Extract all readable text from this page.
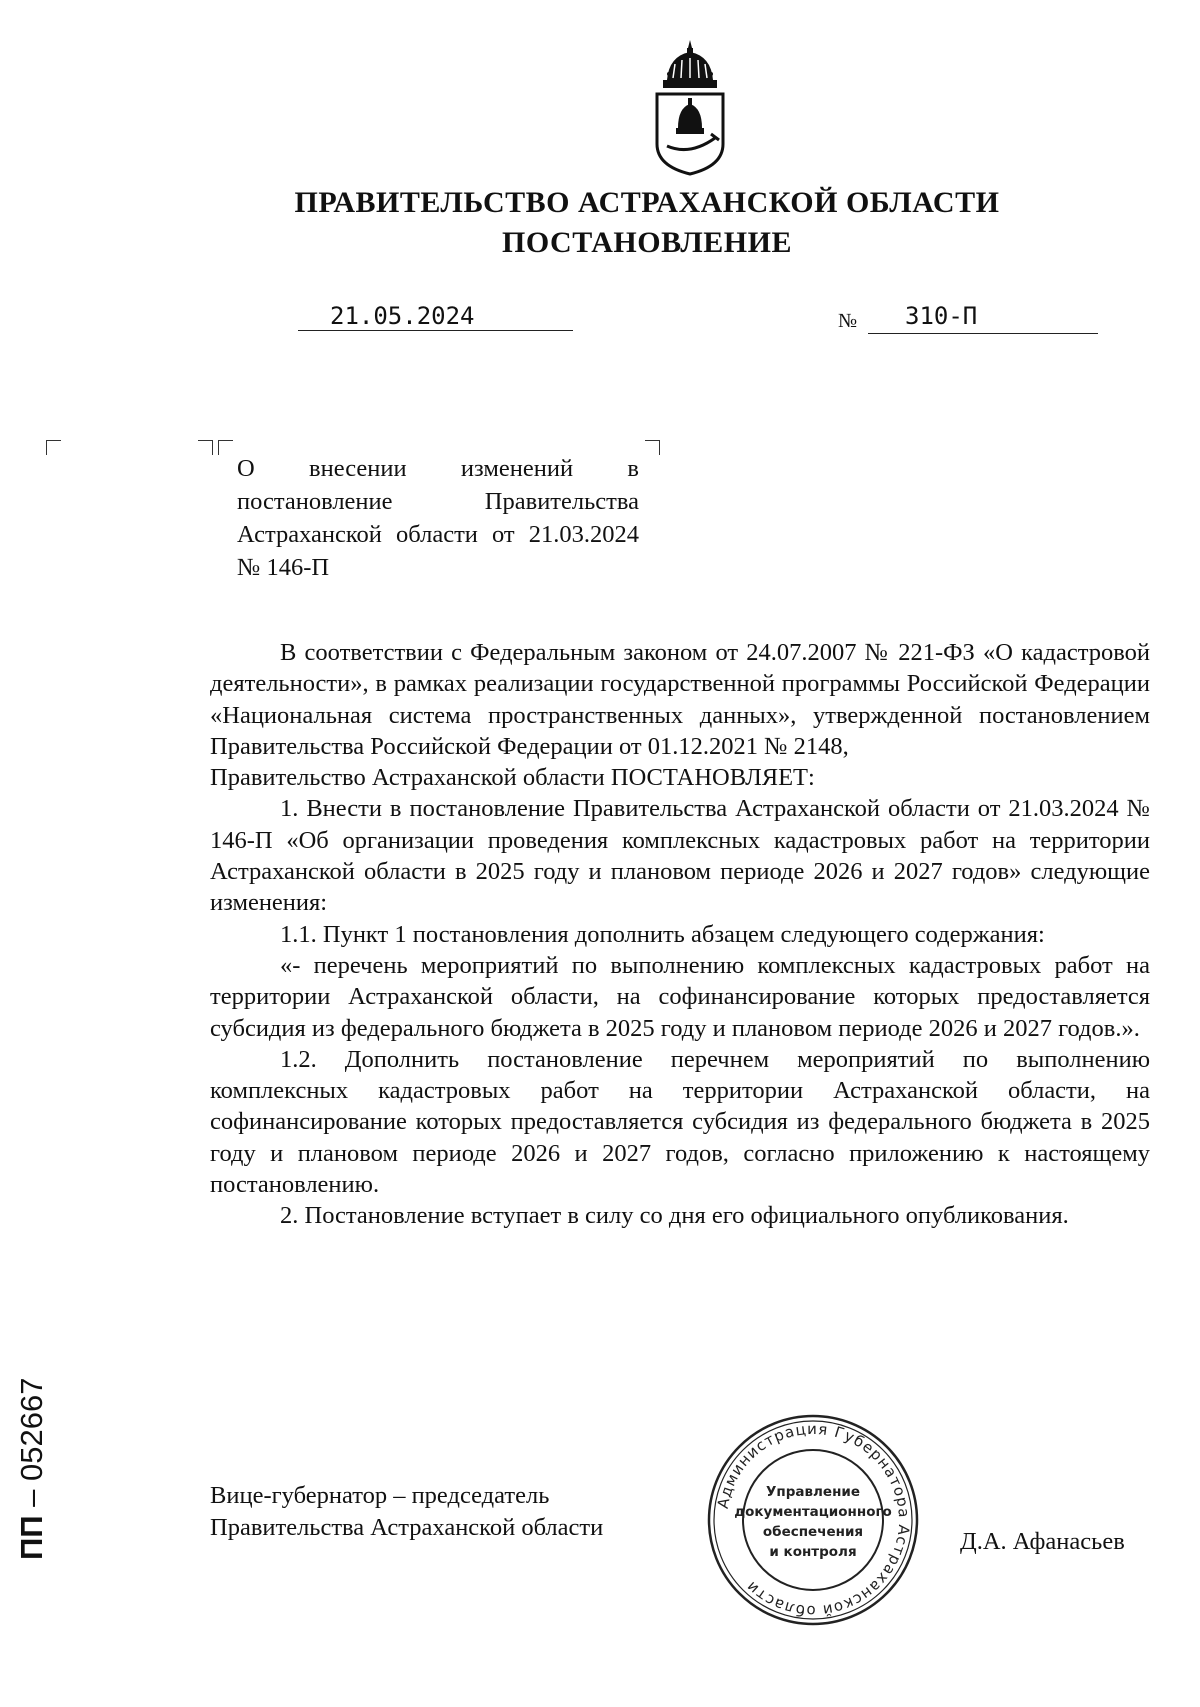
ПРАВИТЕЛЬСТВО АСТРАХАНСКОЙ ОБЛАСТИ
ПОСТАНОВЛЕНИЕ
21.05.2024	№ 310-П
О внесении изменений в постановление Правительства Астраханской области от 21.03.2024 № 146-П

В соответствии с Федеральным законом от 24.07.2007 № 221-ФЗ «О кадастровой деятельности», в рамках реализации государственной программы Российской Федерации «Национальная система пространственных данных», утвержденной постановлением Правительства Российской Федерации от 01.12.2021 № 2148,

Правительство Астраханской области ПОСТАНОВЛЯЕТ:

1. Внести в постановление Правительства Астраханской области от 21.03.2024 № 146-П «Об организации проведения комплексных кадастровых работ на территории Астраханской области в 2025 году и плановом периоде 2026 и 2027 годов» следующие изменения:

1.1. Пункт 1 постановления дополнить абзацем следующего содержания:

«- перечень мероприятий по выполнению комплексных кадастровых работ на территории Астраханской области, на софинансирование которых предоставляется субсидия из федерального бюджета в 2025 году и плановом периоде 2026 и 2027 годов.».

1.2. Дополнить постановление перечнем мероприятий по выполнению комплексных кадастровых работ на территории Астраханской области, на софинансирование которых предоставляется субсидия из федерального бюджета в 2025 году и плановом периоде 2026 и 2027 годов, согласно приложению к настоящему постановлению.

2. Постановление вступает в силу со дня его официального опубликования.

Вице-губернатор – председатель
Правительства Астраханской области
Администрация Губернатора Астраханской области
Управление
документационного
обеспечения
и контроля	Д.А. Афанасьев
ПП – 052667
